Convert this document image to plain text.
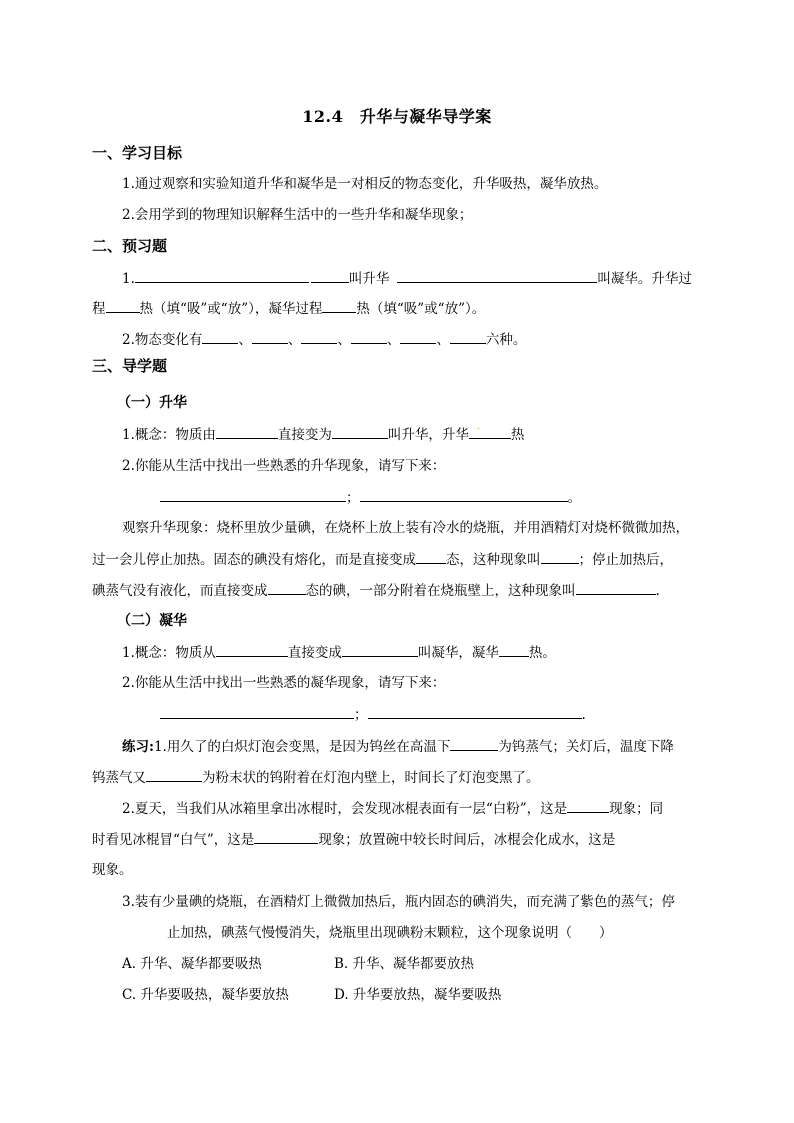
12.4　升华与凝华导学案
一、学习目标
1.通过观察和实验知道升华和凝华是一对相反的物态变化，升华吸热，凝华放热。
2.会用学到的物理知识解释生活中的一些升华和凝华现象；
二、预习题
1.	叫升华	叫凝华。升华过
程	热（填“吸”或“放”），凝华过程	热（填“吸”或“放”）。
2.物态变化有	、	、	、	、	、	六种。
三、导学题
（一）升华
1.概念：物质由	直接变为	叫升华，升华 · 热
2.你能从生活中找出一些熟悉的升华现象，请写下来：
；	。
观察升华现象：烧杯里放少量碘，在烧杯上放上装有冷水的烧瓶，并用酒精灯对烧杯微微加热，
过一会儿停止加热。固态的碘没有熔化，而是直接变成 态，这种现象叫	；停止加热后，
碘蒸气没有液化，而直接变成	态的碘，一部分附着在烧瓶壁上，这种现象叫	.
（二）凝华
1.概念：物质从	直接变成	叫凝华，凝华 热。
2.你能从生活中找出一些熟悉的凝华现象，请写下来：
；	.
练习:1.用久了的白炽灯泡会变黑，是因为钨丝在高温下	为钨蒸气；关灯后，温度下降
钨蒸气又	为粉末状的钨附着在灯泡内壁上，时间长了灯泡变黑了。
2.夏天，当我们从冰箱里拿出冰棍时，会发现冰棍表面有一层“白粉”，这是	现象；同
时看见冰棍冒“白气”，这是	现象；放置碗中较长时间后，冰棍会化成水，这是
现象。
3.装有少量碘的烧瓶，在酒精灯上微微加热后，瓶内固态的碘消失，而充满了紫色的蒸气；停
止加热，碘蒸气慢慢消失，烧瓶里出现碘粉末颗粒，这个现象说明（　　）
A. 升华、凝华都要吸热	B. 升华、凝华都要放热
C. 升华要吸热，凝华要放热	D. 升华要放热，凝华要吸热
